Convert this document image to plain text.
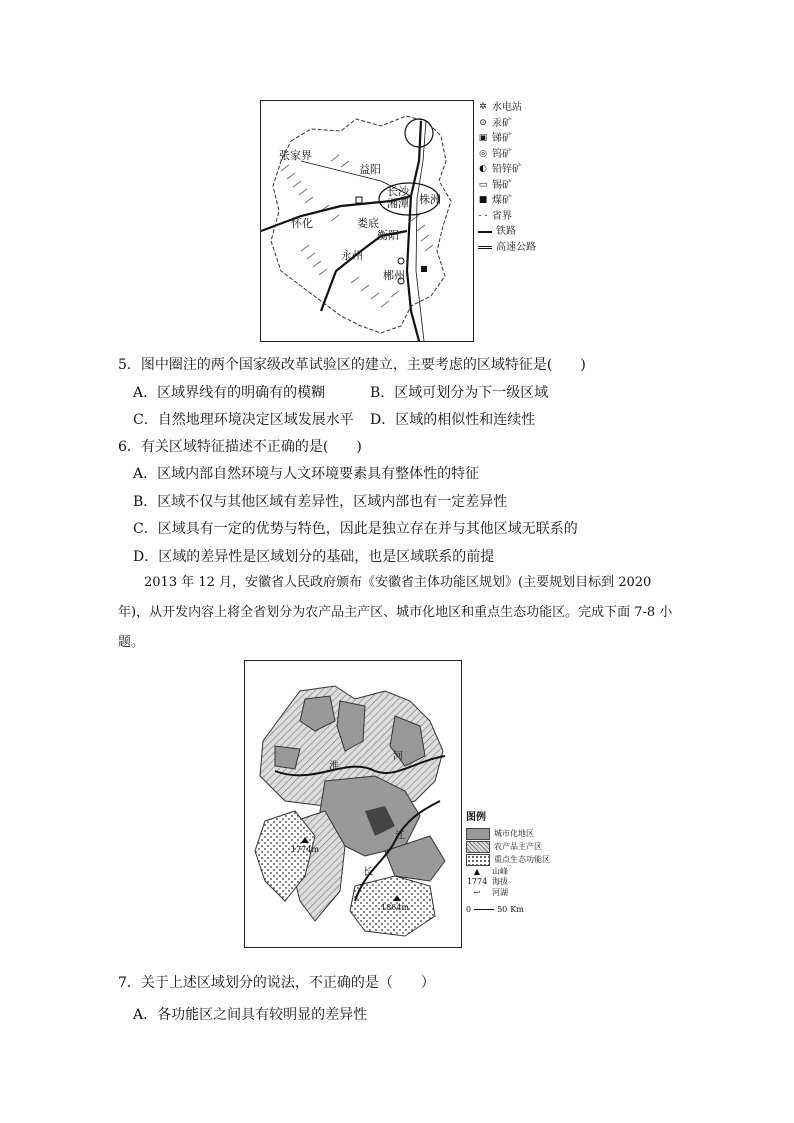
张家界
益阳
长沙
湘潭 株洲
怀化	娄底
衡阳
永州
郴州
✲ 水电站
⊙ 汞矿
▣ 锑矿
◎ 钨矿
◐ 铅锌矿
▭ 锡矿
■ 煤矿
- - 省界
铁路
高速公路
5．图中圈注的两个国家级改革试验区的建立，主要考虑的区域特征是(　　)
A．区域界线有的明确有的模糊	B．区域可划分为下一级区域
C．自然地理环境决定区域发展水平 D．区域的相似性和连续性
6．有关区域特征描述不正确的是(　　)
A．区域内部自然环境与人文环境要素具有整体性的特征
B．区域不仅与其他区域有差异性，区域内部也有一定差异性
C．区域具有一定的优势与特色，因此是独立存在并与其他区域无联系的
D．区域的差异性是区域划分的基础，也是区域联系的前提
2013 年 12 月，安徽省人民政府颁布《安徽省主体功能区规划》(主要规划目标到 2020 年)，从开发内容上将全省划分为农产品主产区、城市化地区和重点生态功能区。完成下面 7-8 小题。
淮
河
长
江
1774m
1864m
图例
城市化地区
农产品主产区
重点生态功能区
▲	山峰
1774 海拔
↩	河湖
0	50 Km
7．关于上述区域划分的说法，不正确的是（　　）
A．各功能区之间具有较明显的差异性
